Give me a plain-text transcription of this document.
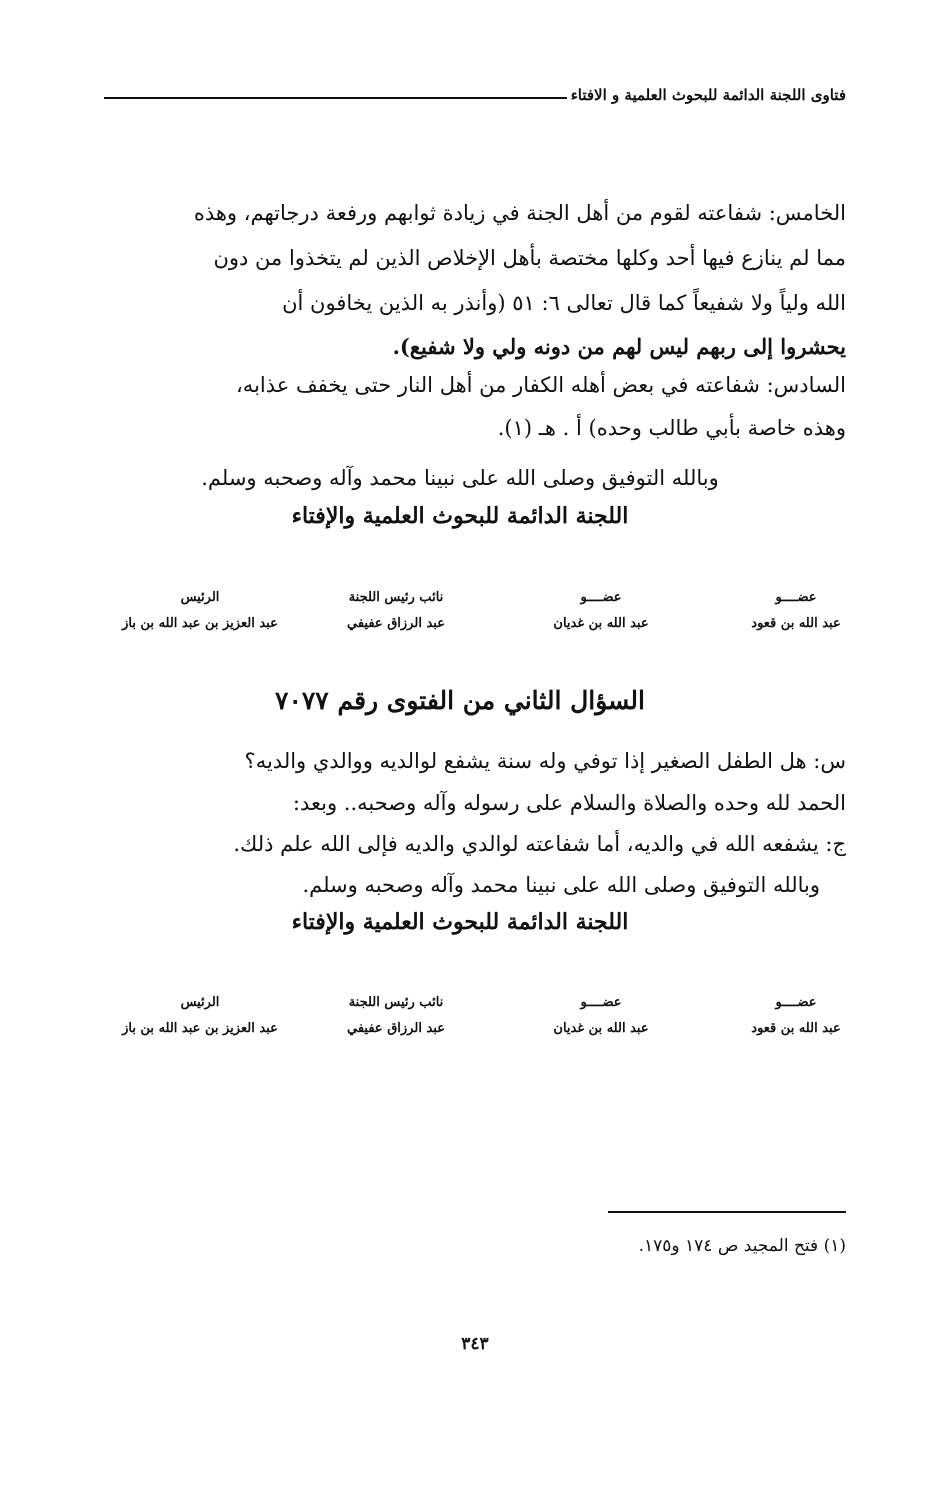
فتاوى اللجنة الدائمة للبحوث العلمية و الافتاء
الخامس: شفاعته لقوم من أهل الجنة في زيادة ثوابهم ورفعة درجاتهم، وهذه
مما لم ينازع فيها أحد وكلها مختصة بأهل الإخلاص الذين لم يتخذوا من دون
الله ولياً ولا شفيعاً كما قال تعالى ٦: ٥١ (وأنذر به الذين يخافون أن
يحشروا إلى ربهم ليس لهم من دونه ولي ولا شفيع).
السادس: شفاعته في بعض أهله الكفار من أهل النار حتى يخفف عذابه،
وهذه خاصة بأبي طالب وحده) أ . هـ (١).
وبالله التوفيق وصلى الله على نبينا محمد وآله وصحبه وسلم.
اللجنة الدائمة للبحوث العلمية والإفتاء
عضــــو
عبد الله بن قعود
عضــــو
عبد الله بن غديان
نائب رئيس اللجنة
عبد الرزاق عفيفي
الرئيس
عبد العزيز بن عبد الله بن باز
السؤال الثاني من الفتوى رقم ٧٠٧٧
س: هل الطفل الصغير إذا توفي وله سنة يشفع لوالديه ووالدي والديه؟
الحمد لله وحده والصلاة والسلام على رسوله وآله وصحبه.. وبعد:
ج: يشفعه الله في والديه، أما شفاعته لوالدي والديه فإلى الله علم ذلك.
وبالله التوفيق وصلى الله على نبينا محمد وآله وصحبه وسلم.
اللجنة الدائمة للبحوث العلمية والإفتاء
عضــــو
عبد الله بن قعود
عضــــو
عبد الله بن غديان
نائب رئيس اللجنة
عبد الرزاق عفيفي
الرئيس
عبد العزيز بن عبد الله بن باز
(١) فتح المجيد ص ١٧٤ و١٧٥.
٣٤٣
